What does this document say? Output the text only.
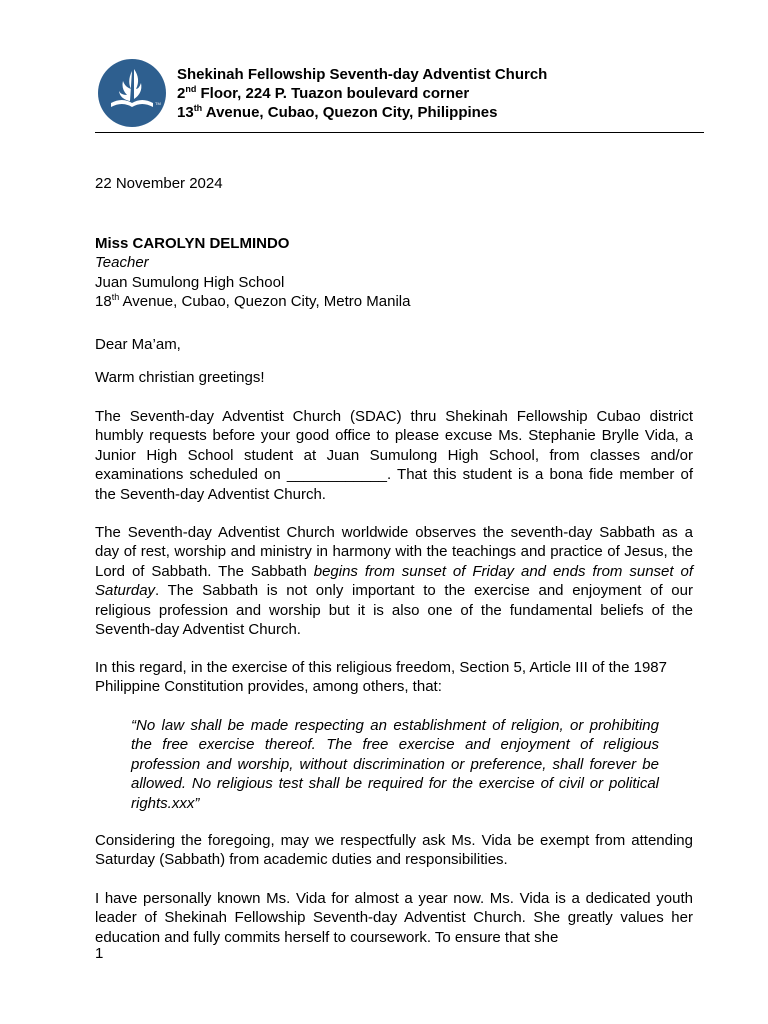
TM
Shekinah Fellowship Seventh-day Adventist Church
2nd Floor, 224 P. Tuazon boulevard corner
13th Avenue, Cubao, Quezon City, Philippines
22 November 2024
Miss CAROLYN DELMINDO
Teacher
Juan Sumulong High School
18th Avenue, Cubao, Quezon City, Metro Manila
Dear Ma’am,
Warm christian greetings!
The Seventh-day Adventist Church (SDAC) thru Shekinah Fellowship Cubao district humbly requests before your good office to please excuse Ms. Stephanie Brylle Vida, a Junior High School student at Juan Sumulong High School, from classes and/or examinations scheduled on ____________. That this student is a bona fide member of the Seventh-day Adventist Church.
The Seventh-day Adventist Church worldwide observes the seventh-day Sabbath as a day of rest, worship and ministry in harmony with the teachings and practice of Jesus, the Lord of Sabbath. The Sabbath begins from sunset of Friday and ends from sunset of Saturday. The Sabbath is not only important to the exercise and enjoyment of our religious profession and worship but it is also one of the fundamental beliefs of the Seventh-day Adventist Church.
In this regard, in the exercise of this religious freedom, Section 5, Article III of the 1987 Philippine Constitution provides, among others, that:
“No law shall be made respecting an establishment of religion, or prohibiting the free exercise thereof. The free exercise and enjoyment of religious profession and worship, without discrimination or preference, shall forever be allowed. No religious test shall be required for the exercise of civil or political rights.xxx”
Considering the foregoing, may we respectfully ask Ms. Vida be exempt from attending Saturday (Sabbath) from academic duties and responsibilities.
I have personally known Ms. Vida for almost a year now. Ms. Vida is a dedicated youth leader of Shekinah Fellowship Seventh-day Adventist Church. She greatly values her education and fully commits herself to coursework. To ensure that she
1
